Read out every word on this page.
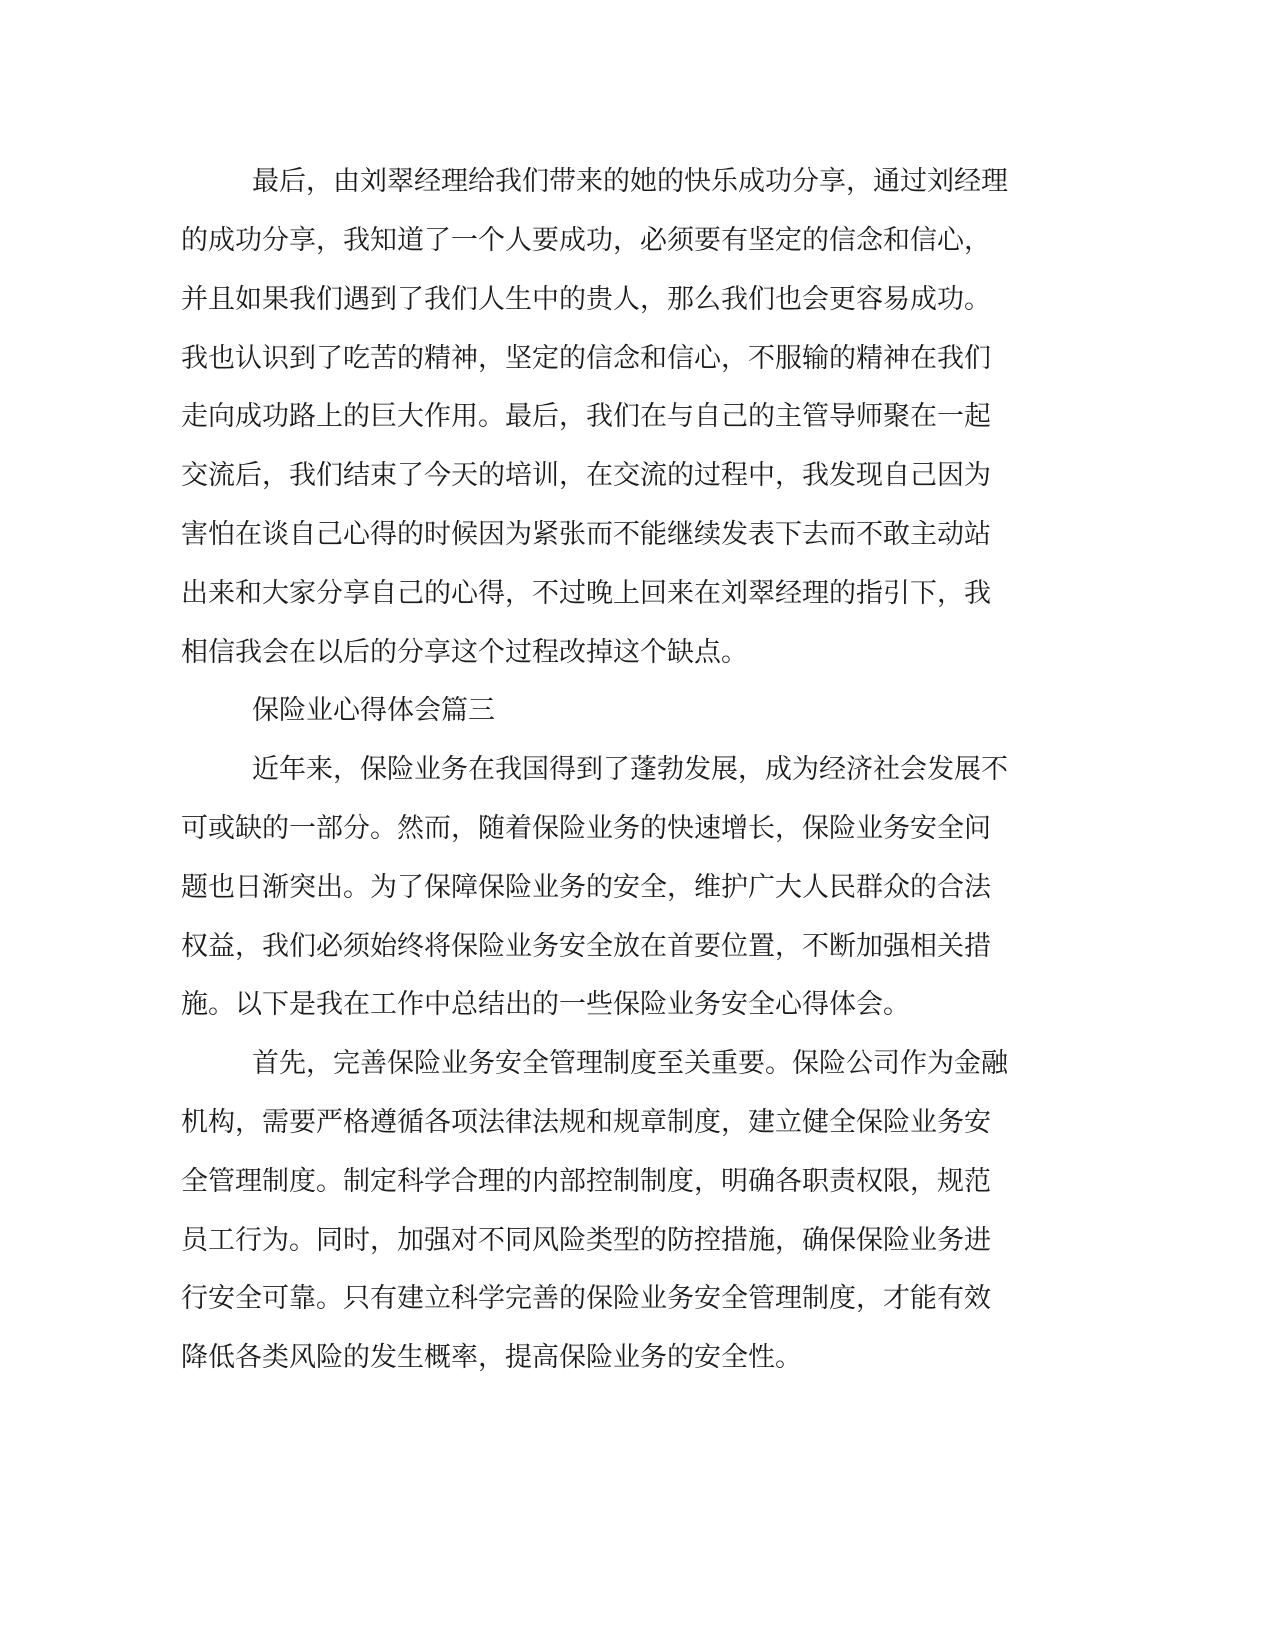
最后，由刘翠经理给我们带来的她的快乐成功分享，通过刘经理

的成功分享，我知道了一个人要成功，必须要有坚定的信念和信心，

并且如果我们遇到了我们人生中的贵人，那么我们也会更容易成功。

我也认识到了吃苦的精神，坚定的信念和信心，不服输的精神在我们

走向成功路上的巨大作用。最后，我们在与自己的主管导师聚在一起

交流后，我们结束了今天的培训，在交流的过程中，我发现自己因为

害怕在谈自己心得的时候因为紧张而不能继续发表下去而不敢主动站

出来和大家分享自己的心得，不过晚上回来在刘翠经理的指引下，我

相信我会在以后的分享这个过程改掉这个缺点。

保险业心得体会篇三

近年来，保险业务在我国得到了蓬勃发展，成为经济社会发展不

可或缺的一部分。然而，随着保险业务的快速增长，保险业务安全问

题也日渐突出。为了保障保险业务的安全，维护广大人民群众的合法

权益，我们必须始终将保险业务安全放在首要位置，不断加强相关措

施。以下是我在工作中总结出的一些保险业务安全心得体会。

首先，完善保险业务安全管理制度至关重要。保险公司作为金融

机构，需要严格遵循各项法律法规和规章制度，建立健全保险业务安

全管理制度。制定科学合理的内部控制制度，明确各职责权限，规范

员工行为。同时，加强对不同风险类型的防控措施，确保保险业务进

行安全可靠。只有建立科学完善的保险业务安全管理制度，才能有效

降低各类风险的发生概率，提高保险业务的安全性。
